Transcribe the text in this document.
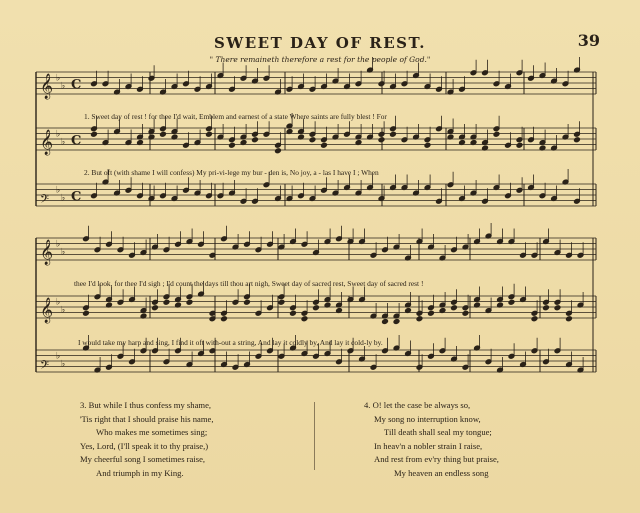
SWEET DAY OF REST.	39
" There remaineth therefore a rest for the people of God."
𝄞 ♭
♭ C
𝄞 ♭
♭ C
𝄢
♭
♭ C
𝄞 ♭
♭
𝄞 ♭
♭
𝄢
♭
♭
1. Sweet day of rest ! for thee I'd wait, Emblem and earnest of a state Where saints are fully blest ! For
2. But oft (with shame I will confess) My pri-vi-lege my bur - den is, No joy, a - las I have I ; When
thee I'd look, for thee I'd sigh ; I'd count the days till thou art nigh, Sweet day of sacred rest, Sweet day of sacred rest !
I would take my harp and sing, I find it oft with-out a string, And lay it coldly by, And lay it cold-ly by.
3. But while I thus confess my shame,
'Tis right that I should praise his name,
Who makes me sometimes sing;
Yes, Lord, (I'll speak it to thy praise,)
My cheerful song I sometimes raise,
And triumph in my King.
4. O! let the case be always so,
My song no interruption know,
Till death shall seal my tongue;
In heav'n a nobler strain I raise,
And rest from ev'ry thing but praise,
My heaven an endless song
